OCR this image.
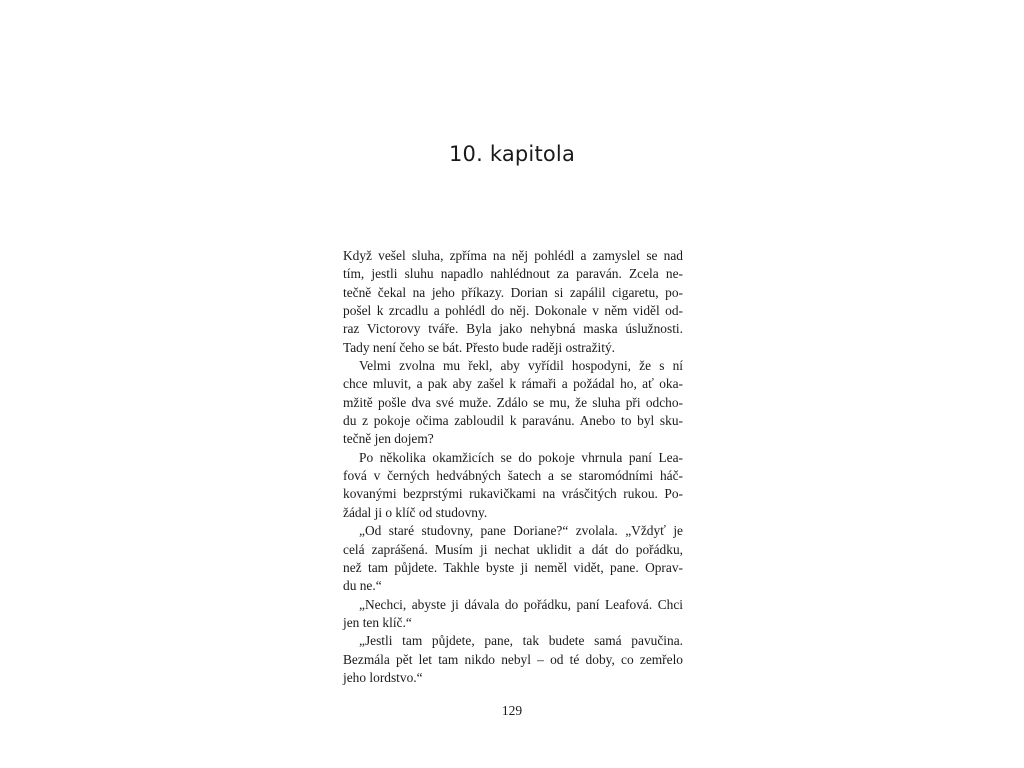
10. kapitola
Když vešel sluha, zpříma na něj pohlédl a zamyslel se nad
tím, jestli sluhu napadlo nahlédnout za paraván. Zcela ne-
tečně čekal na jeho příkazy. Dorian si zapálil cigaretu, po-
pošel k zrcadlu a pohlédl do něj. Dokonale v něm viděl od-
raz Victorovy tváře. Byla jako nehybná maska úslužnosti.
Tady není čeho se bát. Přesto bude raději ostražitý.
Velmi zvolna mu řekl, aby vyřídil hospodyni, že s ní
chce mluvit, a pak aby zašel k rámaři a požádal ho, ať oka-
mžitě pošle dva své muže. Zdálo se mu, že sluha při odcho-
du z pokoje očima zabloudil k paravánu. Anebo to byl sku-
tečně jen dojem?
Po několika okamžicích se do pokoje vhrnula paní Lea-
fová v černých hedvábných šatech a se staromódními háč-
kovanými bezprstými rukavičkami na vrásčitých rukou. Po-
žádal ji o klíč od studovny.
„Od staré studovny, pane Doriane?“ zvolala. „Vždyť je
celá zaprášená. Musím ji nechat uklidit a dát do pořádku,
než tam půjdete. Takhle byste ji neměl vidět, pane. Oprav-
du ne.“
„Nechci, abyste ji dávala do pořádku, paní Leafová. Chci
jen ten klíč.“
„Jestli tam půjdete, pane, tak budete samá pavučina.
Bezmála pět let tam nikdo nebyl – od té doby, co zemřelo
jeho lordstvo.“
129
